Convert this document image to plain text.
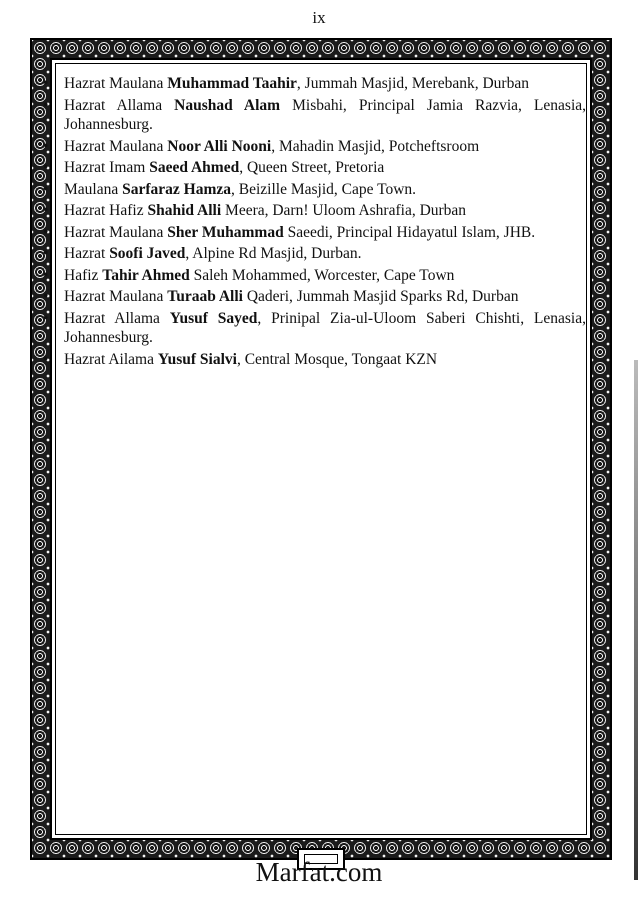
ix
• Hazrat Maulana Muhammad Taahir, Jummah Masjid, Merebank, Durban
• Hazrat Allama Naushad Alam Misbahi, Principal Jamia Razvia, Lenasia, Johannesburg.
• Hazrat Maulana Noor Alli Nooni, Mahadin Masjid, Potcheftsroom
• Hazrat Imam Saeed Ahmed, Queen Street, Pretoria
• Maulana Sarfaraz Hamza, Beizille Masjid, Cape Town.
• Hazrat Hafiz Shahid Alli Meera, Darn! Uloom Ashrafia, Durban
• Hazrat Maulana Sher Muhammad Saeedi, Principal Hidayatul Islam, JHB.
• Hazrat Soofi Javed, Alpine Rd Masjid, Durban.
• Hafiz Tahir Ahmed Saleh Mohammed, Worcester, Cape Town
• Hazrat Maulana Turaab Alli Qaderi, Jummah Masjid Sparks Rd, Durban
• Hazrat Allama Yusuf Sayed, Prinipal Zia-ul-Uloom Saberi Chishti, Lenasia, Johannesburg.
• Hazrat Ailama Yusuf Sialvi, Central Mosque, Tongaat KZN
Marfat.com
